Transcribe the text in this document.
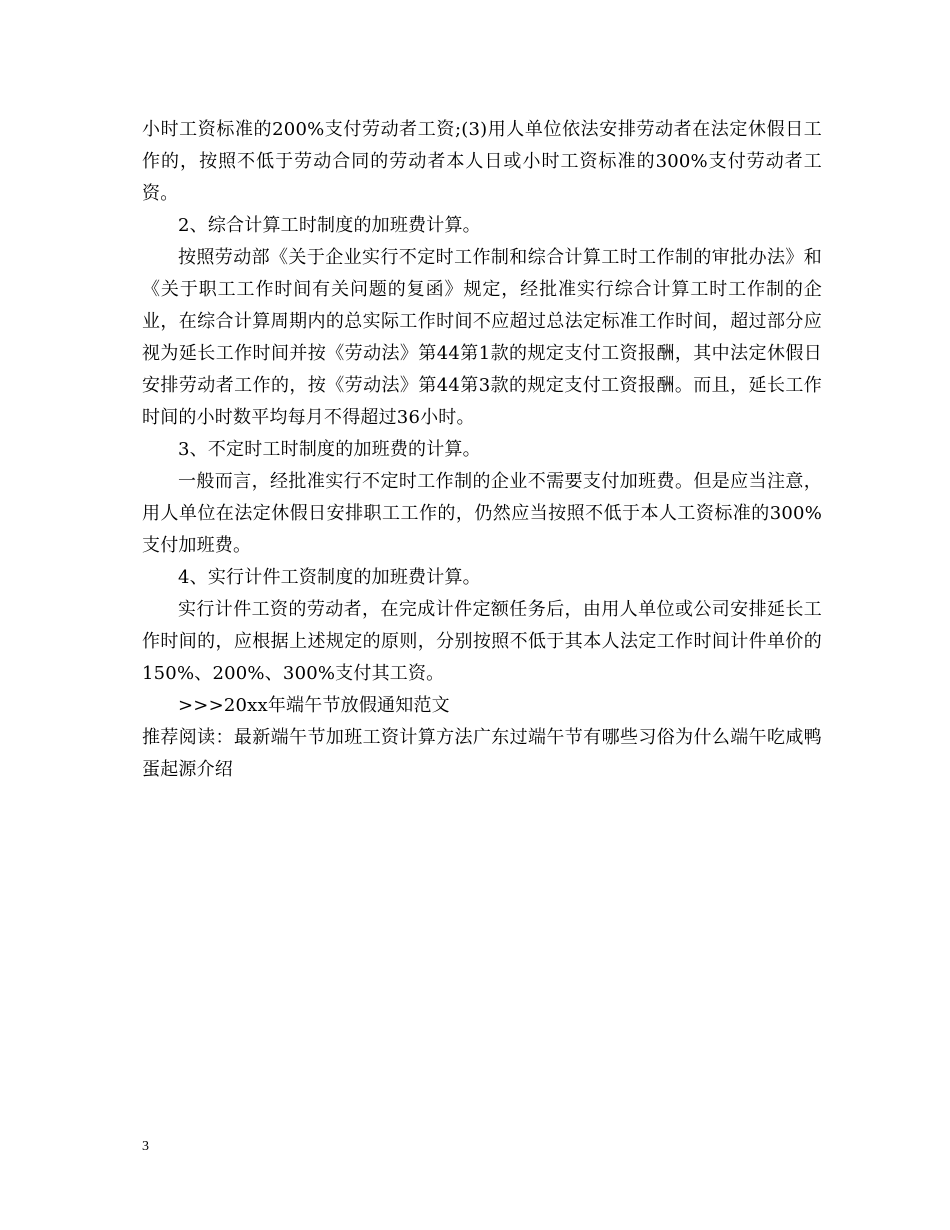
小时工资标准的200%支付劳动者工资;(3)用人单位依法安排劳动者在法定休假日工作的，按照不低于劳动合同的劳动者本人日或小时工资标准的300%支付劳动者工资。

2、综合计算工时制度的加班费计算。

按照劳动部《关于企业实行不定时工作制和综合计算工时工作制的审批办法》和《关于职工工作时间有关问题的复函》规定，经批准实行综合计算工时工作制的企业，在综合计算周期内的总实际工作时间不应超过总法定标准工作时间，超过部分应视为延长工作时间并按《劳动法》第44第1款的规定支付工资报酬，其中法定休假日安排劳动者工作的，按《劳动法》第44第3款的规定支付工资报酬。而且，延长工作时间的小时数平均每月不得超过36小时。

3、不定时工时制度的加班费的计算。

一般而言，经批准实行不定时工作制的企业不需要支付加班费。但是应当注意，用人单位在法定休假日安排职工工作的，仍然应当按照不低于本人工资标准的300%支付加班费。

4、实行计件工资制度的加班费计算。

实行计件工资的劳动者，在完成计件定额任务后，由用人单位或公司安排延长工作时间的，应根据上述规定的原则，分别按照不低于其本人法定工作时间计件单价的150%、200%、300%支付其工资。

>>>20xx年端午节放假通知范文

推荐阅读：最新端午节加班工资计算方法广东过端午节有哪些习俗为什么端午吃咸鸭蛋起源介绍

3
